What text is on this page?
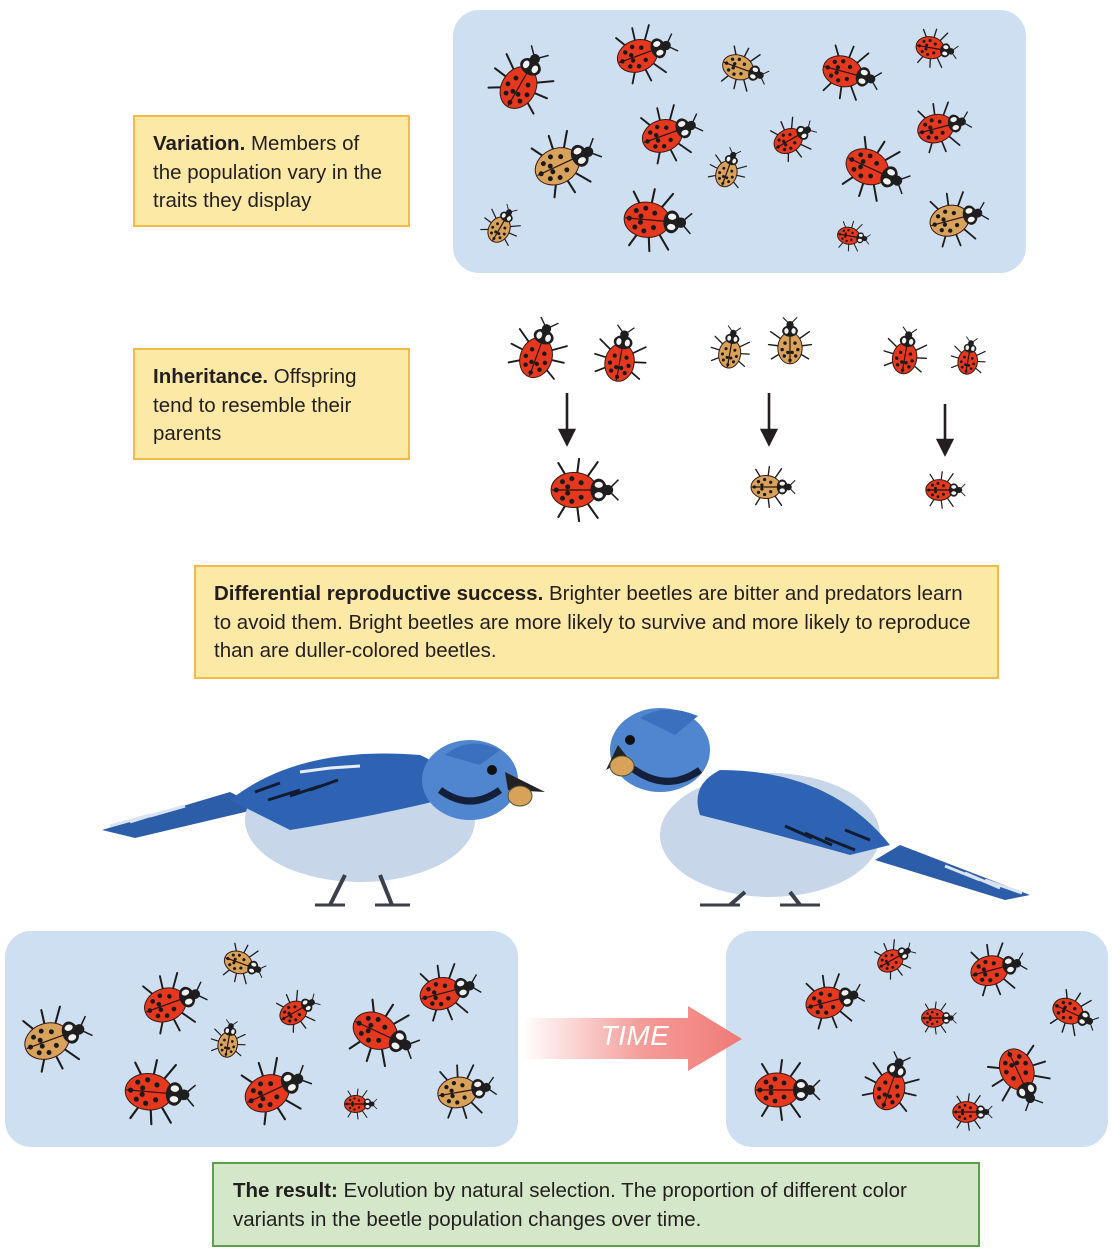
TIME
Variation. Members of the population vary in the traits they display
Inheritance. Offspring tend to resemble their parents
Differential reproductive success. Brighter beetles are bitter and predators learn to avoid them. Bright beetles are more likely to survive and more likely to reproduce than are duller-colored beetles.
The result: Evolution by natural selection. The proportion of different color variants in the beetle population changes over time.
